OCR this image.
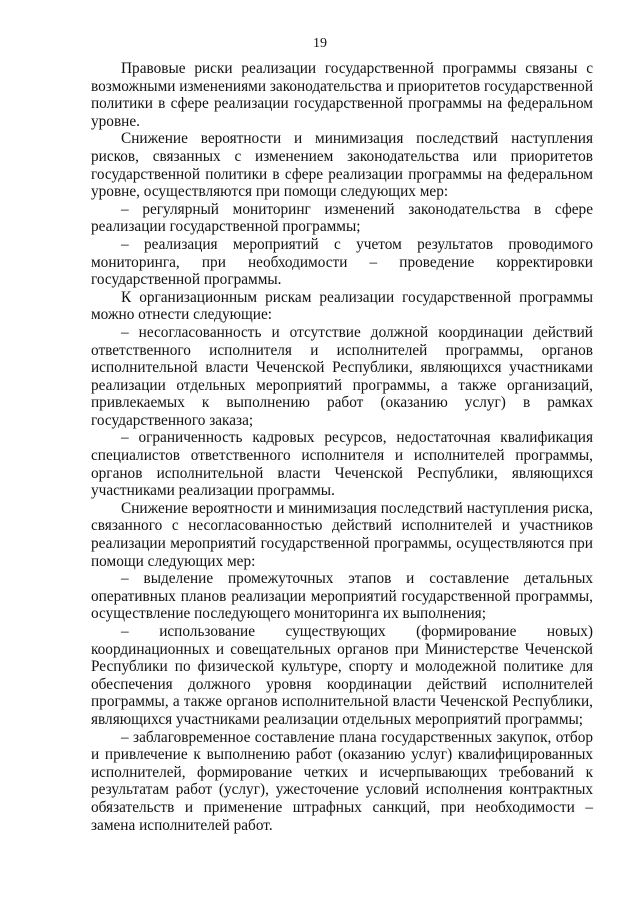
19

Правовые риски реализации государственной программы связаны с возможными изменениями законодательства и приоритетов государственной политики в сфере реализации государственной программы на федеральном уровне.

Снижение вероятности и минимизация последствий наступления рисков, связанных с изменением законодательства или приоритетов государственной политики в сфере реализации программы на федеральном уровне, осуществляются при помощи следующих мер:

– регулярный мониторинг изменений законодательства в сфере реализации государственной программы;

– реализация мероприятий с учетом результатов проводимого мониторинга, при необходимости – проведение корректировки государственной программы.

К организационным рискам реализации государственной программы можно отнести следующие:

– несогласованность и отсутствие должной координации действий ответственного исполнителя и исполнителей программы, органов исполнительной власти Чеченской Республики, являющихся участниками реализации отдельных мероприятий программы, а также организаций, привлекаемых к выполнению работ (оказанию услуг) в рамках государственного заказа;

– ограниченность кадровых ресурсов, недостаточная квалификация специалистов ответственного исполнителя и исполнителей программы, органов исполнительной власти Чеченской Республики, являющихся участниками реализации программы.

Снижение вероятности и минимизация последствий наступления риска, связанного с несогласованностью действий исполнителей и участников реализации мероприятий государственной программы, осуществляются при помощи следующих мер:

– выделение промежуточных этапов и составление детальных оперативных планов реализации мероприятий государственной программы, осуществление последующего мониторинга их выполнения;

– использование существующих (формирование новых) координационных и совещательных органов при Министерстве Чеченской Республики по физической культуре, спорту и молодежной политике для обеспечения должного уровня координации действий исполнителей программы, а также органов исполнительной власти Чеченской Республики, являющихся участниками реализации отдельных мероприятий программы;

– заблаговременное составление плана государственных закупок, отбор и привлечение к выполнению работ (оказанию услуг) квалифицированных исполнителей, формирование четких и исчерпывающих требований к результатам работ (услуг), ужесточение условий исполнения контрактных обязательств и применение штрафных санкций, при необходимости – замена исполнителей работ.
